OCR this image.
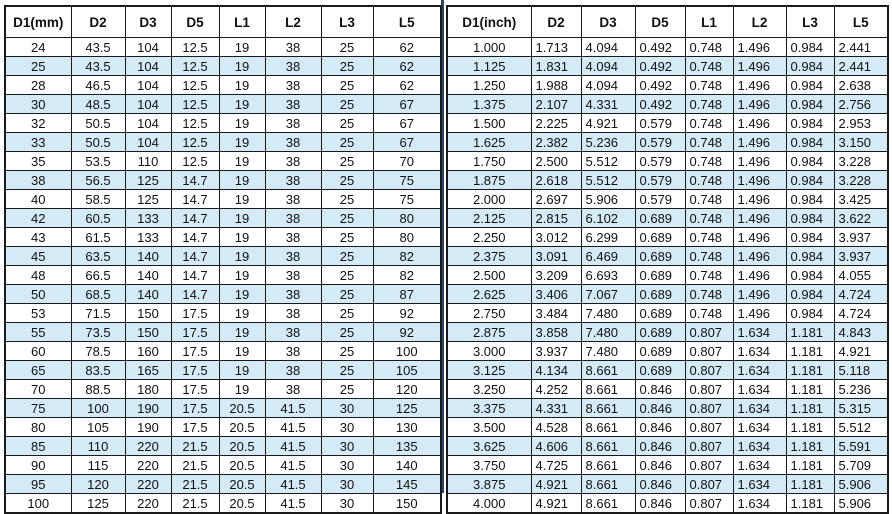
D1(mm)	D2	D3	D5	L1	L2	L3	L5
24	43.5	104	12.5	19	38	25	62
25	43.5	104	12.5	19	38	25	62
28	46.5	104	12.5	19	38	25	62
30	48.5	104	12.5	19	38	25	67
32	50.5	104	12.5	19	38	25	67
33	50.5	104	12.5	19	38	25	67
35	53.5	110	12.5	19	38	25	70
38	56.5	125	14.7	19	38	25	75
40	58.5	125	14.7	19	38	25	75
42	60.5	133	14.7	19	38	25	80
43	61.5	133	14.7	19	38	25	80
45	63.5	140	14.7	19	38	25	82
48	66.5	140	14.7	19	38	25	82
50	68.5	140	14.7	19	38	25	87
53	71.5	150	17.5	19	38	25	92
55	73.5	150	17.5	19	38	25	92
60	78.5	160	17.5	19	38	25	100
65	83.5	165	17.5	19	38	25	105
70	88.5	180	17.5	19	38	25	120
75	100	190	17.5	20.5	41.5	30	125
80	105	190	17.5	20.5	41.5	30	130
85	110	220	21.5	20.5	41.5	30	135
90	115	220	21.5	20.5	41.5	30	140
95	120	220	21.5	20.5	41.5	30	145
100	125	220	21.5	20.5	41.5	30	150
D1(inch)	D2	D3	D5	L1	L2	L3	L5
1.000	1.713	4.094	0.492	0.748	1.496	0.984	2.441
1.125	1.831	4.094	0.492	0.748	1.496	0.984	2.441
1.250	1.988	4.094	0.492	0.748	1.496	0.984	2.638
1.375	2.107	4.331	0.492	0.748	1.496	0.984	2.756
1.500	2.225	4.921	0.579	0.748	1.496	0.984	2.953
1.625	2.382	5.236	0.579	0.748	1.496	0.984	3.150
1.750	2.500	5.512	0.579	0.748	1.496	0.984	3.228
1.875	2.618	5.512	0.579	0.748	1.496	0.984	3.228
2.000	2.697	5.906	0.579	0.748	1.496	0.984	3.425
2.125	2.815	6.102	0.689	0.748	1.496	0.984	3.622
2.250	3.012	6.299	0.689	0.748	1.496	0.984	3.937
2.375	3.091	6.469	0.689	0.748	1.496	0.984	3.937
2.500	3.209	6.693	0.689	0.748	1.496	0.984	4.055
2.625	3.406	7.067	0.689	0.748	1.496	0.984	4.724
2.750	3.484	7.480	0.689	0.748	1.496	0.984	4.724
2.875	3.858	7.480	0.689	0.807	1.634	1.181	4.843
3.000	3.937	7.480	0.689	0.807	1.634	1.181	4.921
3.125	4.134	8.661	0.689	0.807	1.634	1.181	5.118
3.250	4.252	8.661	0.846	0.807	1.634	1.181	5.236
3.375	4.331	8.661	0.846	0.807	1.634	1.181	5.315
3.500	4.528	8.661	0.846	0.807	1.634	1.181	5.512
3.625	4.606	8.661	0.846	0.807	1.634	1.181	5.591
3.750	4.725	8.661	0.846	0.807	1.634	1.181	5.709
3.875	4.921	8.661	0.846	0.807	1.634	1.181	5.906
4.000	4.921	8.661	0.846	0.807	1.634	1.181	5.906
